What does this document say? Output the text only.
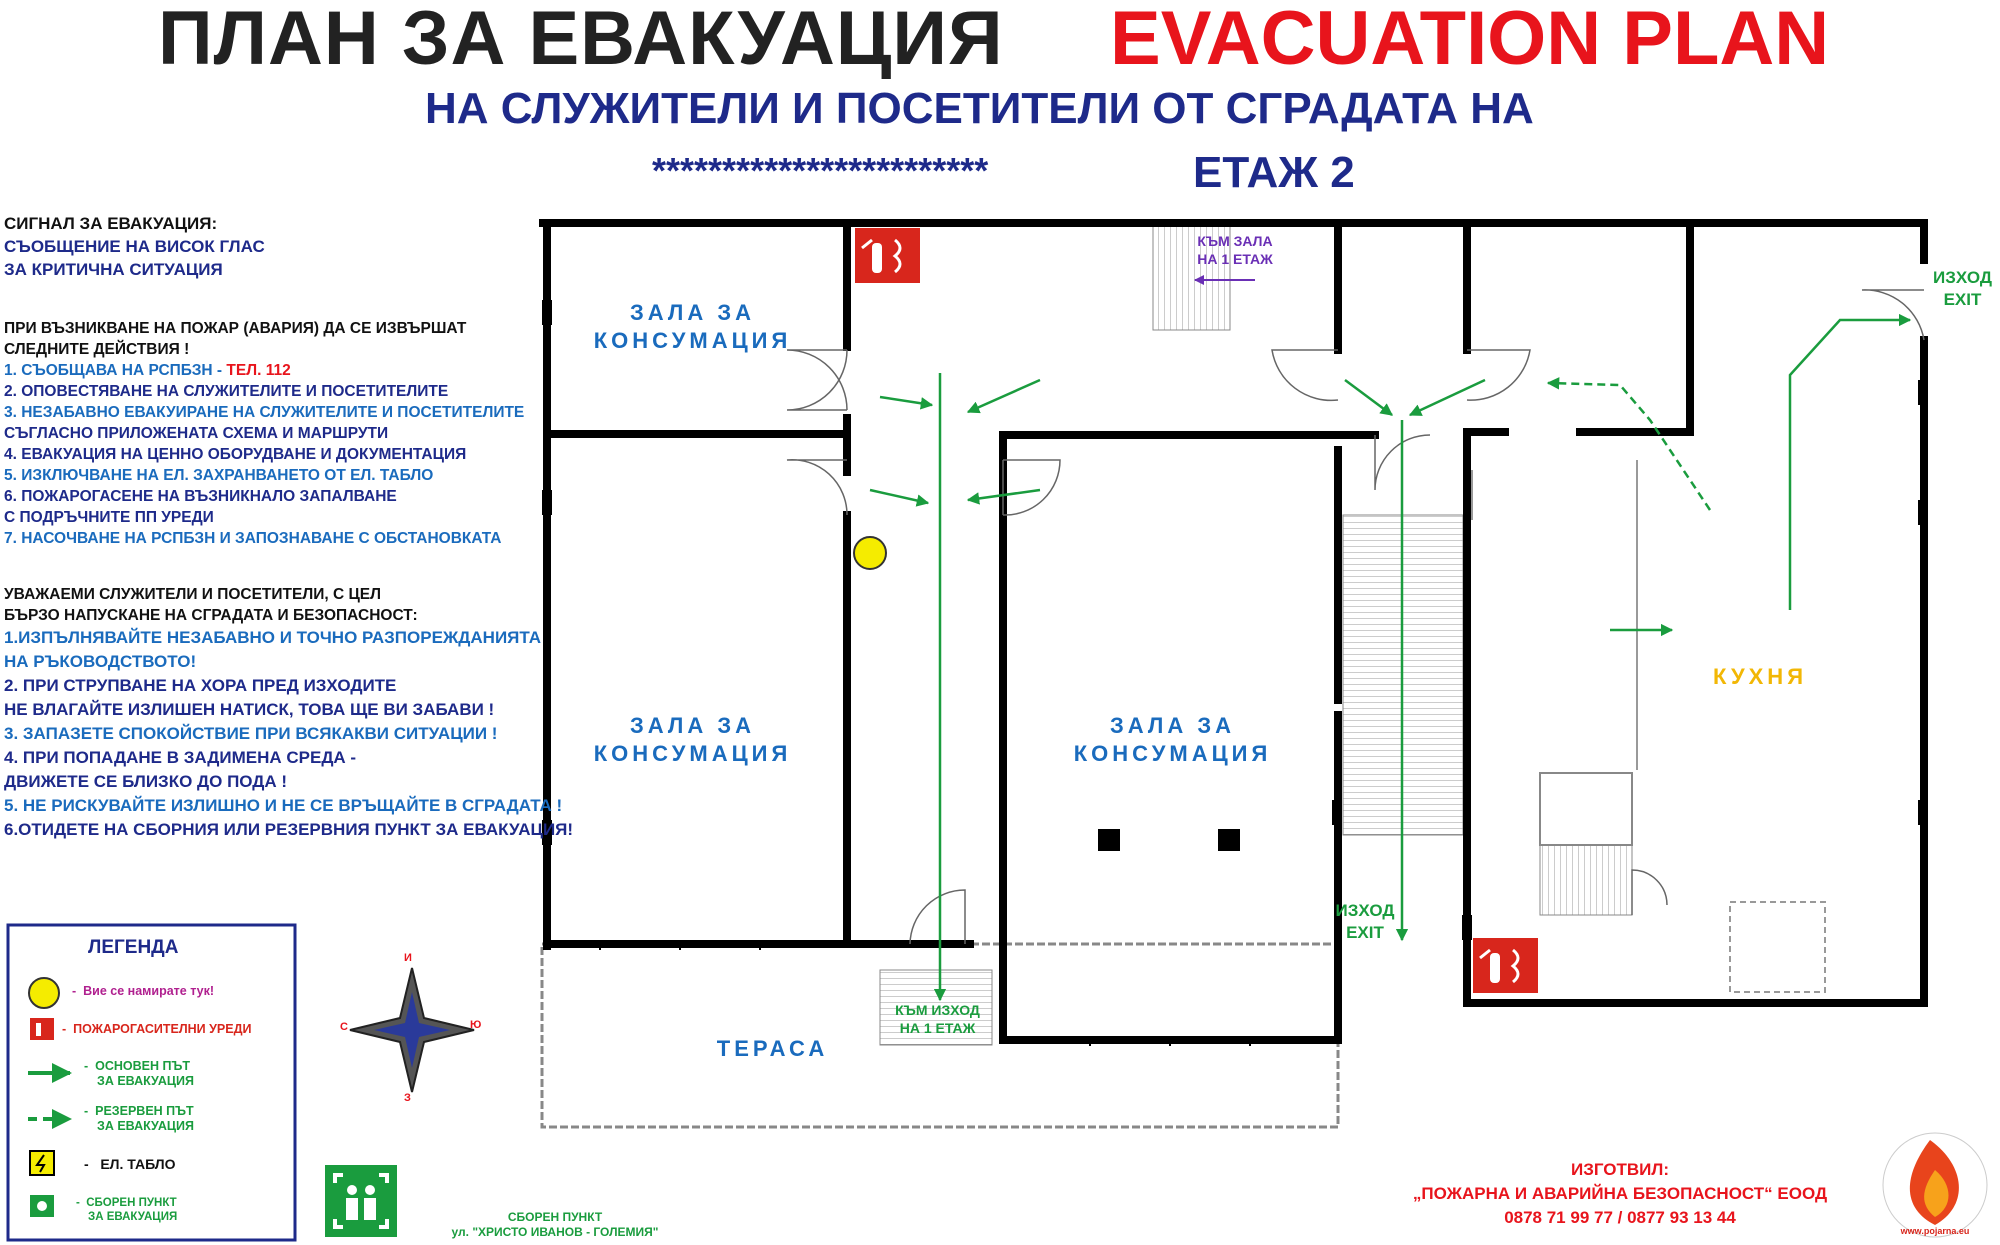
ПЛАН ЗА ЕВАКУАЦИЯ EVACUATION PLAN
НА СЛУЖИТЕЛИ И ПОСЕТИТЕЛИ ОТ СГРАДАТА НА
************************	ЕТАЖ 2
СИГНАЛ ЗА ЕВАКУАЦИЯ:
СЪОБЩЕНИЕ НА ВИСОК ГЛАС
ЗА КРИТИЧНА СИТУАЦИЯ

ПРИ ВЪЗНИКВАНЕ НА ПОЖАР (АВАРИЯ) ДА СЕ ИЗВЪРШАТ

СЛЕДНИТЕ ДЕЙСТВИЯ !

1. СЪОБЩАВА НА РСПБЗН - ТЕЛ. 112

2. ОПОВЕСТЯВАНЕ НА СЛУЖИТЕЛИТЕ И ПОСЕТИТЕЛИТЕ

3. НЕЗАБАВНО ЕВАКУИРАНЕ НА СЛУЖИТЕЛИТЕ И ПОСЕТИТЕЛИТЕ

СЪГЛАСНО ПРИЛОЖЕНАТА СХЕМА И МАРШРУТИ

4. ЕВАКУАЦИЯ НА ЦЕННО ОБОРУДВАНЕ И ДОКУМЕНТАЦИЯ

5. ИЗКЛЮЧВАНЕ НА ЕЛ. ЗАХРАНВАНЕТО ОТ ЕЛ. ТАБЛО

6. ПОЖАРОГАСЕНЕ НА ВЪЗНИКНАЛО ЗАПАЛВАНЕ

С ПОДРЪЧНИТЕ ПП УРЕДИ

7. НАСОЧВАНЕ НА РСПБЗН И ЗАПОЗНАВАНЕ С ОБСТАНОВКАТА

УВАЖАЕМИ СЛУЖИТЕЛИ И ПОСЕТИТЕЛИ, С ЦЕЛ

БЪРЗО НАПУСКАНЕ НА СГРАДАТА И БЕЗОПАСНОСТ:

1.ИЗПЪЛНЯВАЙТЕ НЕЗАБАВНО И ТОЧНО РАЗПОРЕЖДАНИЯТА

НА РЪКОВОДСТВОТО!

2. ПРИ СТРУПВАНЕ НА ХОРА ПРЕД ИЗХОДИТЕ

НЕ ВЛАГАЙТЕ ИЗЛИШЕН НАТИСК, ТОВА ЩЕ ВИ ЗАБАВИ !

3. ЗАПАЗЕТЕ СПОКОЙСТВИЕ ПРИ ВСЯКАКВИ СИТУАЦИИ !

4. ПРИ ПОПАДАНЕ В ЗАДИМЕНА СРЕДА -

ДВИЖЕТЕ СЕ БЛИЗКО ДО ПОДА !

5. НЕ РИСКУВАЙТЕ ИЗЛИШНО И НЕ СЕ ВРЪЩАЙТЕ В СГРАДАТА !

6.ОТИДЕТЕ НА СБОРНИЯ ИЛИ РЕЗЕРВНИЯ ПУНКТ ЗА ЕВАКУАЦИЯ!

ЗАЛА ЗА
КОНСУМАЦИЯ
ЗАЛА ЗА
КОНСУМАЦИЯ
ЗАЛА ЗА
КОНСУМАЦИЯ
ТЕРАСА
КУХНЯ
КЪМ ЗАЛА
НА 1 ЕТАЖ
КЪМ ИЗХОД
НА 1 ЕТАЖ
ИЗХОД
EXIT
ИЗХОД
EXIT
И
З
С	Ю
ЛЕГЕНДА
- Вие се намирате тук!
- ПОЖАРОГАСИТЕЛНИ УРЕДИ
- ОСНОВЕН ПЪТ
ЗА ЕВАКУАЦИЯ
- РЕЗЕРВЕН ПЪТ
ЗА ЕВАКУАЦИЯ
- ЕЛ. ТАБЛО
- СБОРЕН ПУНКТ
ЗА ЕВАКУАЦИЯ	СБОРЕН ПУНКТ
ул. "ХРИСТО ИВАНОВ - ГОЛЕМИЯ"
ИЗГОТВИЛ:
„ПОЖАРНА И АВАРИЙНА БЕЗОПАСНОСТ“ ЕООД
0878 71 99 77 / 0877 93 13 44
www.pojarna.eu
